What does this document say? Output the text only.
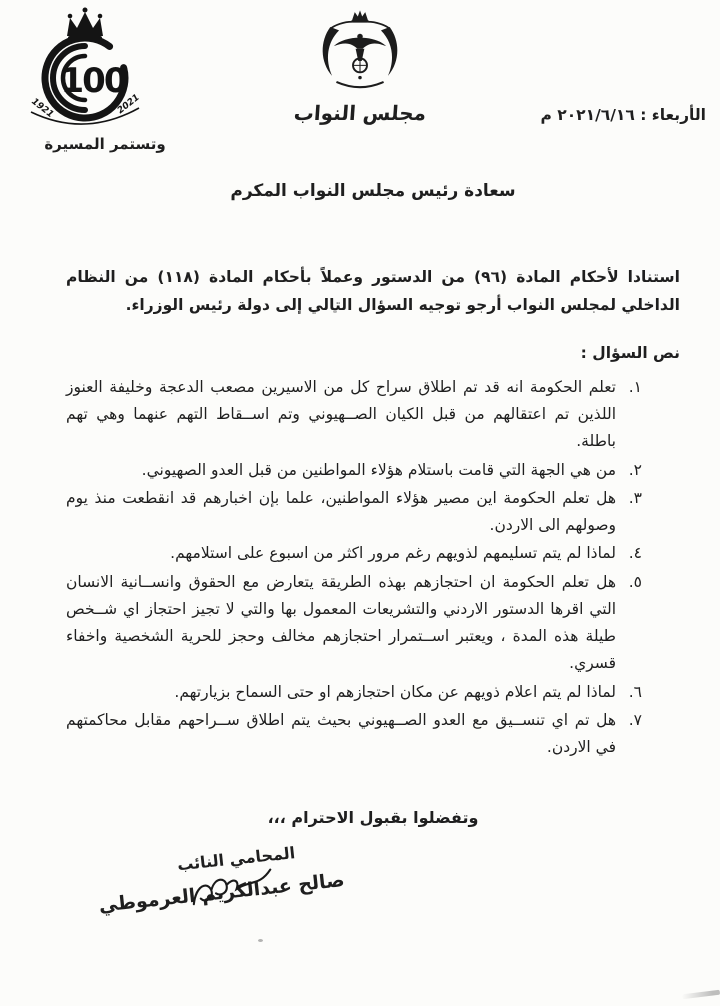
100
1921	2021
وتستمر المسيرة
مجلس النواب	الأربعاء : ٢٠٢١/٦/١٦ م
سعادة رئيس مجلس النواب المكرم

استنادا لأحكام المادة (٩٦) من الدستور وعملاً بأحكام المادة (١١٨) من النظام الداخلي لمجلس النواب أرجو توجيه السؤال التالي إلى دولة رئيس الوزراء.

نص السؤال :
١.
تعلم الحكومة انه قد تم اطلاق سراح كل من الاسيرين مصعب الدعجة وخليفة العنوز اللذين تم اعتقالهم من قبل الكيان الصــهيوني وتم اســقاط التهم عنهما وهي تهم باطلة.
٢.
من هي الجهة التي قامت باستلام هؤلاء المواطنين من قبل العدو الصهيوني.
٣.
هل تعلم الحكومة اين مصير هؤلاء المواطنين، علما بإن اخبارهم قد انقطعت منذ يوم وصولهم الى الاردن.
٤.
لماذا لم يتم تسليمهم لذويهم رغم مرور اكثر من اسبوع على استلامهم.
٥.
هل تعلم الحكومة ان احتجازهم بهذه الطريقة يتعارض مع الحقوق وانســانية الانسان التي اقرها الدستور الاردني والتشريعات المعمول بها والتي لا تجيز احتجاز اي شــخص طيلة هذه المدة ، ويعتبر اســتمرار احتجازهم مخالف وحجز للحرية الشخصية واخفاء قسري.
٦.
لماذا لم يتم اعلام ذويهم عن مكان احتجازهم او حتى السماح بزيارتهم.
٧.
هل تم اي تنســيق مع العدو الصــهيوني بحيث يتم اطلاق ســراحهم مقابل محاكمتهم في الاردن.
وتفضلوا بقبول الاحترام ،،،
المحامي النائب
صالح عبدالكريم العرموطي
